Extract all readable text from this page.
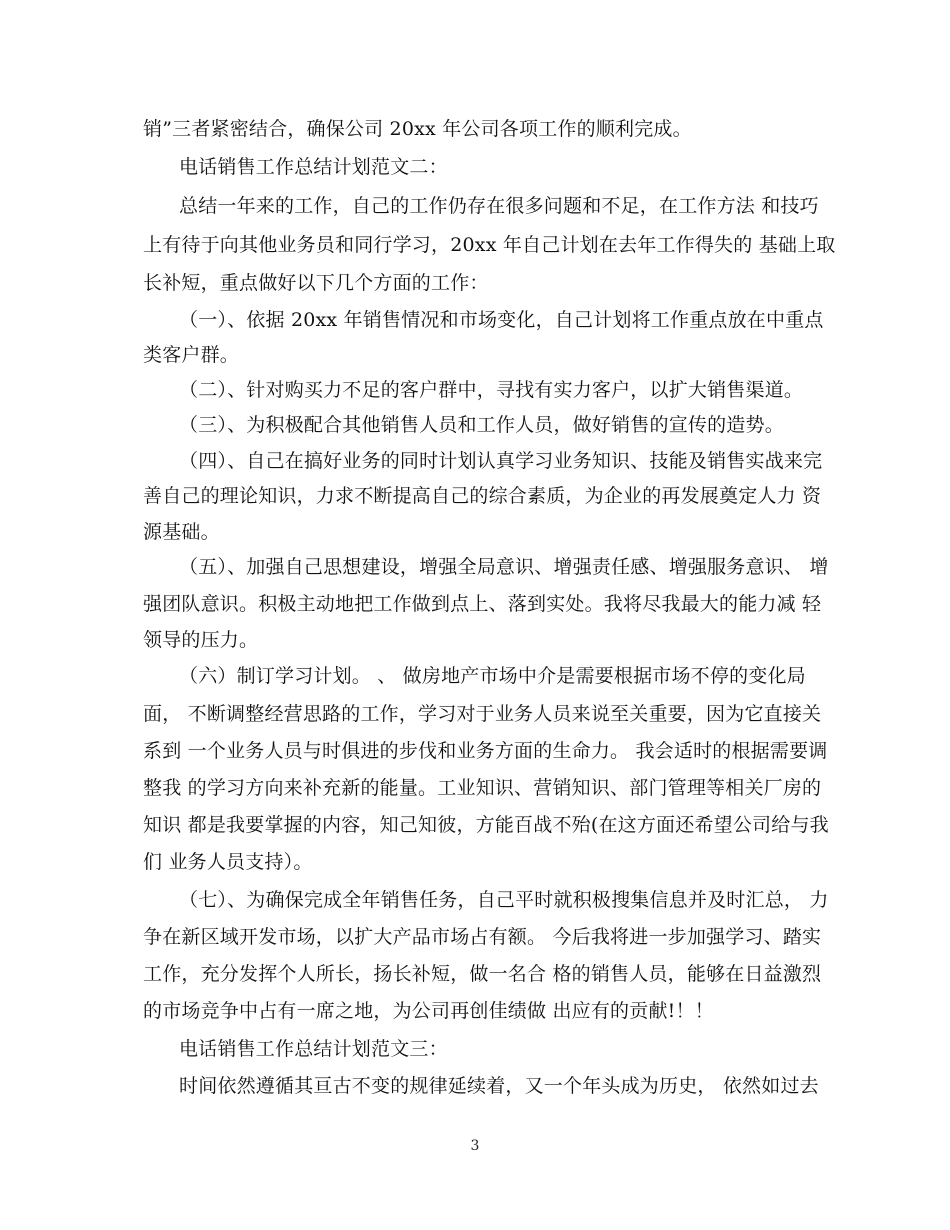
销”三者紧密结合，确保公司 20xx 年公司各项工作的顺利完成。
电话销售工作总结计划范文二：
总结一年来的工作，自己的工作仍存在很多问题和不足，在工作方法 和技巧
上有待于向其他业务员和同行学习，20xx 年自己计划在去年工作得失的 基础上取
长补短，重点做好以下几个方面的工作：
（一）、依据 20xx 年销售情况和市场变化，自己计划将工作重点放在中重点
类客户群。
（二）、针对购买力不足的客户群中，寻找有实力客户，以扩大销售渠道。
（三）、为积极配合其他销售人员和工作人员，做好销售的宣传的造势。
（四）、自己在搞好业务的同时计划认真学习业务知识、技能及销售实战来完
善自己的理论知识，力求不断提高自己的综合素质，为企业的再发展奠定人力 资
源基础。
（五）、加强自己思想建设，增强全局意识、增强责任感、增强服务意识、 增
强团队意识。积极主动地把工作做到点上、落到实处。我将尽我最大的能力减 轻
领导的压力。
（六）制订学习计划。 、 做房地产市场中介是需要根据市场不停的变化局
面， 不断调整经营思路的工作，学习对于业务人员来说至关重要，因为它直接关
系到 一个业务人员与时俱进的步伐和业务方面的生命力。 我会适时的根据需要调
整我 的学习方向来补充新的能量。工业知识、营销知识、部门管理等相关厂房的
知识 都是我要掌握的内容，知己知彼，方能百战不殆(在这方面还希望公司给与我
们 业务人员支持）。
（七）、为确保完成全年销售任务，自己平时就积极搜集信息并及时汇总， 力
争在新区域开发市场，以扩大产品市场占有额。 今后我将进一步加强学习、踏实
工作，充分发挥个人所长，扬长补短，做一名合 格的销售人员，能够在日益激烈
的市场竞争中占有一席之地，为公司再创佳绩做 出应有的贡献!！！
电话销售工作总结计划范文三：
时间依然遵循其亘古不变的规律延续着，又一个年头成为历史， 依然如过去
3
